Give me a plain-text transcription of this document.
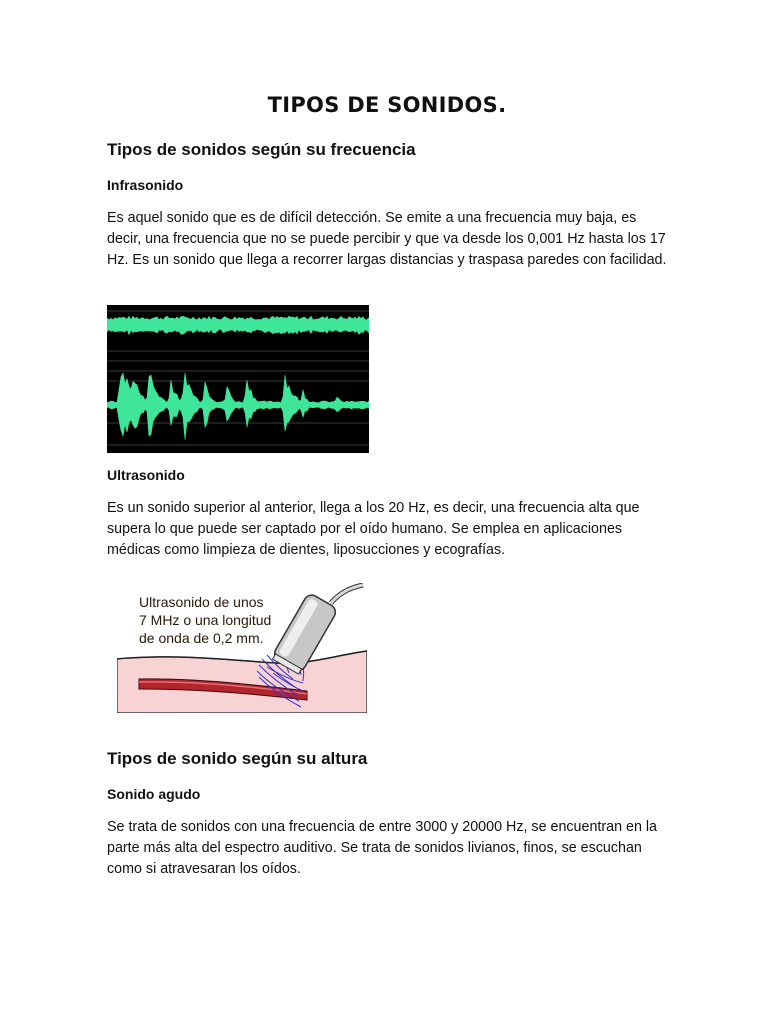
TIPOS DE SONIDOS.
Tipos de sonidos según su frecuencia
Infrasonido

Es aquel sonido que es de difícil detección. Se emite a una frecuencia muy baja, es decir, una frecuencia que no se puede percibir y que va desde los 0,001 Hz hasta los 17 Hz. Es un sonido que llega a recorrer largas distancias y traspasa paredes con facilidad.

Ultrasonido

Es un sonido superior al anterior, llega a los 20 Hz, es decir, una frecuencia alta que supera lo que puede ser captado por el oído humano. Se emplea en aplicaciones médicas como limpieza de dientes, liposucciones y ecografías.

Ultrasonido de unos
7 MHz o una longitud
de onda de 0,2 mm.
Tipos de sonido según su altura
Sonido agudo

Se trata de sonidos con una frecuencia de entre 3000 y 20000 Hz, se encuentran en la parte más alta del espectro auditivo. Se trata de sonidos livianos, finos, se escuchan como si atravesaran los oídos.
